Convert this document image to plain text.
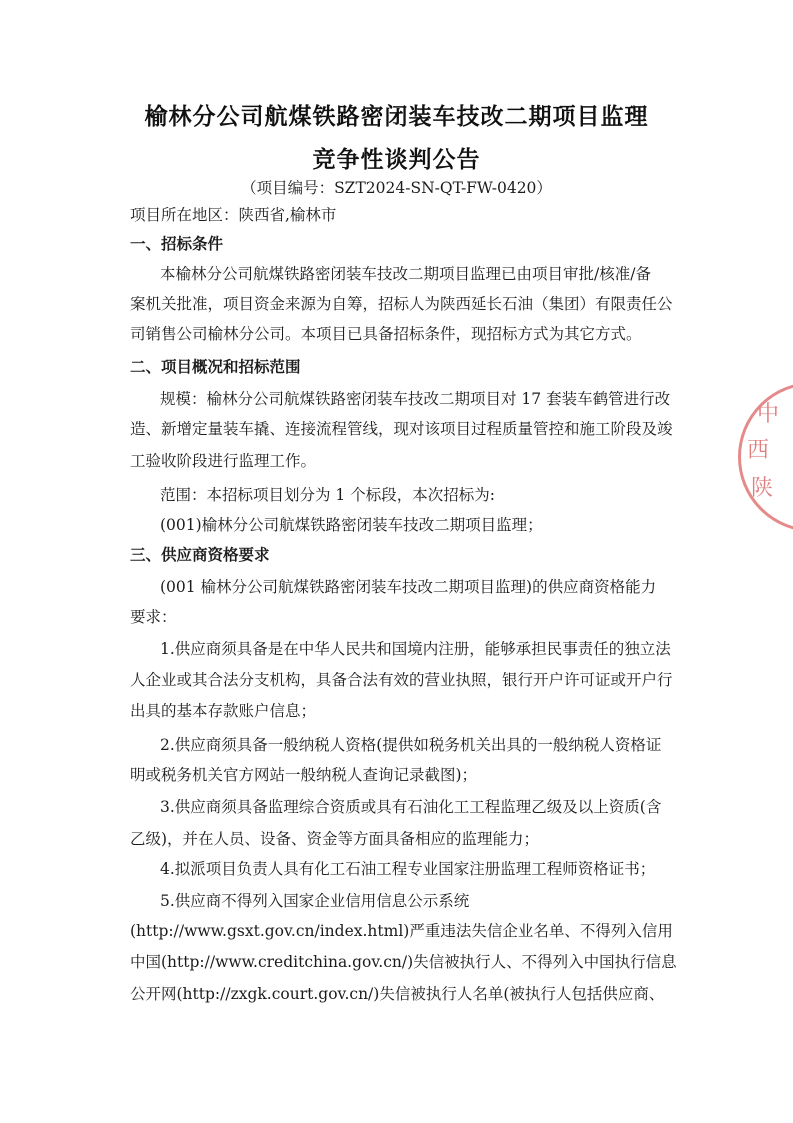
榆林分公司航煤铁路密闭装车技改二期项目监理
竞争性谈判公告
（项目编号：SZT2024-SN-QT-FW-0420）
项目所在地区：陕西省,榆林市
一、招标条件
本榆林分公司航煤铁路密闭装车技改二期项目监理已由项目审批/核准/备
案机关批准，项目资金来源为自筹，招标人为陕西延长石油（集团）有限责任公
司销售公司榆林分公司。本项目已具备招标条件，现招标方式为其它方式。
二、项目概况和招标范围
规模：榆林分公司航煤铁路密闭装车技改二期项目对 17 套装车鹤管进行改
造、新增定量装车撬、连接流程管线，现对该项目过程质量管控和施工阶段及竣
工验收阶段进行监理工作。
范围：本招标项目划分为 1 个标段，本次招标为:
(001)榆林分公司航煤铁路密闭装车技改二期项目监理；
三、供应商资格要求
(001 榆林分公司航煤铁路密闭装车技改二期项目监理)的供应商资格能力
要求：
1.供应商须具备是在中华人民共和国境内注册，能够承担民事责任的独立法
人企业或其合法分支机构，具备合法有效的营业执照，银行开户许可证或开户行
出具的基本存款账户信息；
2.供应商须具备一般纳税人资格(提供如税务机关出具的一般纳税人资格证
明或税务机关官方网站一般纳税人查询记录截图)；
3.供应商须具备监理综合资质或具有石油化工工程监理乙级及以上资质(含
乙级)，并在人员、设备、资金等方面具备相应的监理能力；
4.拟派项目负责人具有化工石油工程专业国家注册监理工程师资格证书；
5.供应商不得列入国家企业信用信息公示系统
(http://www.gsxt.gov.cn/index.html)严重违法失信企业名单、不得列入信用
中国(http://www.creditchina.gov.cn/)失信被执行人、不得列入中国执行信息
公开网(http://zxgk.court.gov.cn/)失信被执行人名单(被执行人包括供应商、
中
西
陕
